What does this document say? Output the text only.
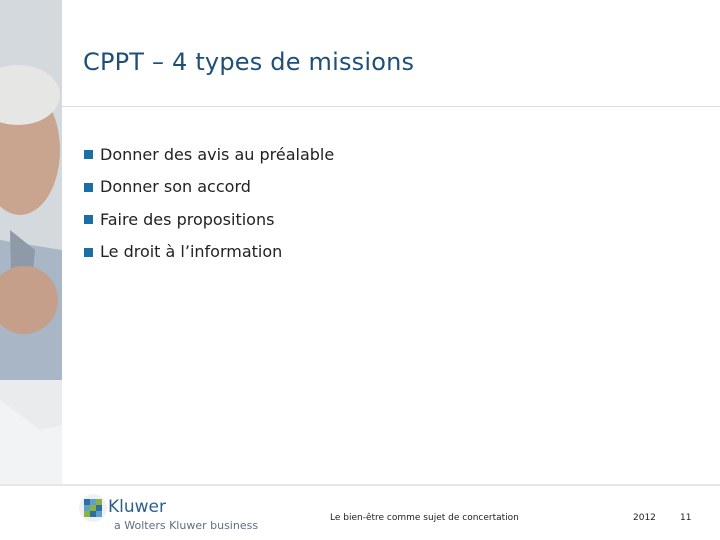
CPPT – 4 types de missions
Donner des avis au préalable
Donner son accord
Faire des propositions
Le droit à l’information
Kluwer
a Wolters Kluwer business
Le bien-être comme sujet de concertation	2012	11
